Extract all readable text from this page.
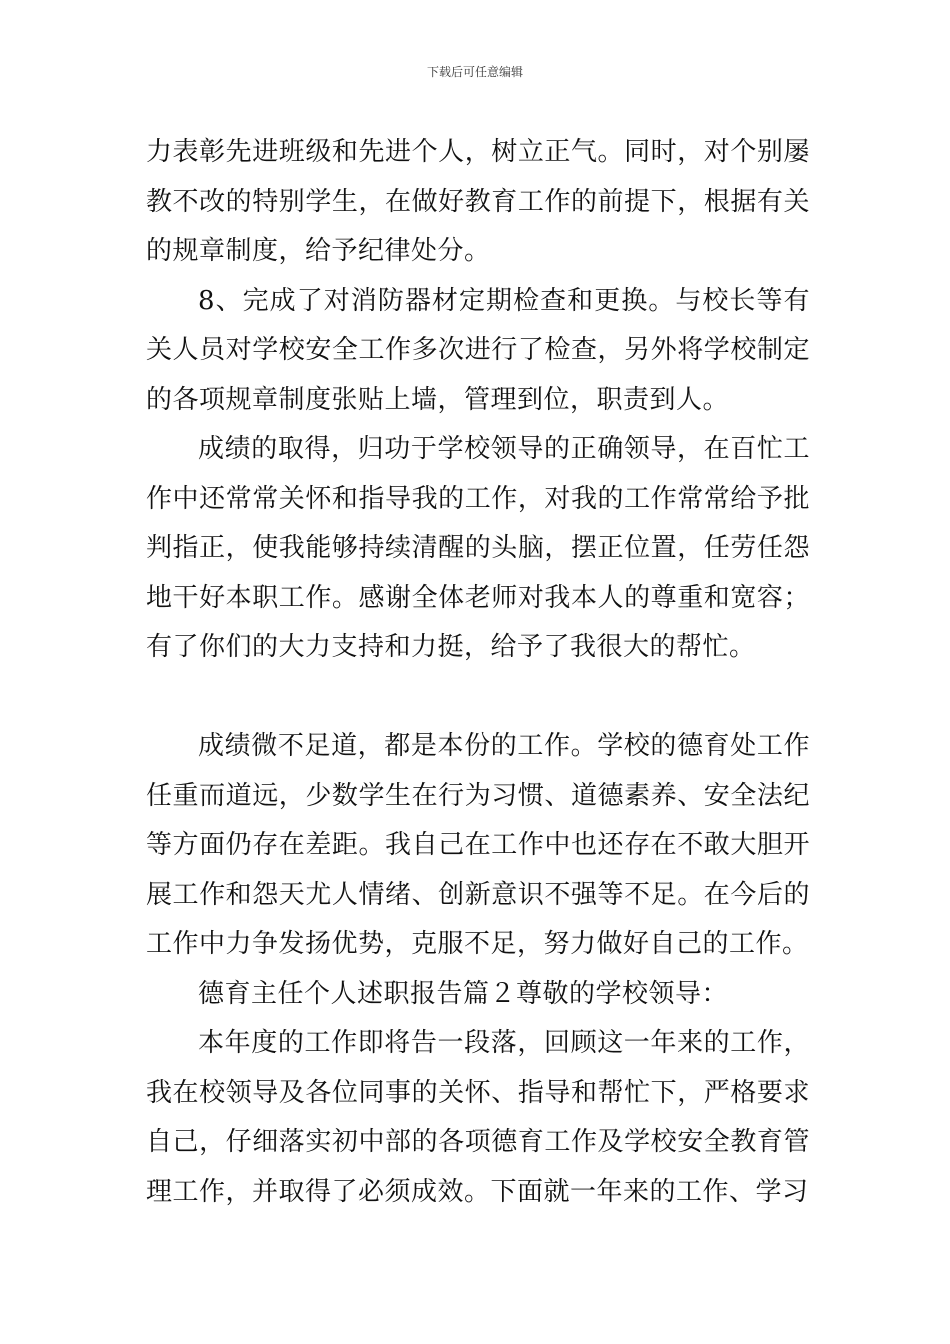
下载后可任意编辑

力表彰先进班级和先进个人，树立正气。同时，对个别屡教不改的特别学生，在做好教育工作的前提下，根据有关的规章制度，给予纪律处分。

8、完成了对消防器材定期检查和更换。与校长等有关人员对学校安全工作多次进行了检查，另外将学校制定的各项规章制度张贴上墙，管理到位，职责到人。

成绩的取得，归功于学校领导的正确领导，在百忙工作中还常常关怀和指导我的工作，对我的工作常常给予批判指正，使我能够持续清醒的头脑，摆正位置，任劳任怨地干好本职工作。感谢全体老师对我本人的尊重和宽容；有了你们的大力支持和力挺，给予了我很大的帮忙。

成绩微不足道，都是本份的工作。学校的德育处工作任重而道远，少数学生在行为习惯、道德素养、安全法纪等方面仍存在差距。我自己在工作中也还存在不敢大胆开展工作和怨天尤人情绪、创新意识不强等不足。在今后的工作中力争发扬优势，克服不足，努力做好自己的工作。

德育主任个人述职报告篇２尊敬的学校领导：

本年度的工作即将告一段落，回顾这一年来的工作，我在校领导及各位同事的关怀、指导和帮忙下，严格要求自己，仔细落实初中部的各项德育工作及学校安全教育管理工作，并取得了必须成效。下面就一年来的工作、学习
